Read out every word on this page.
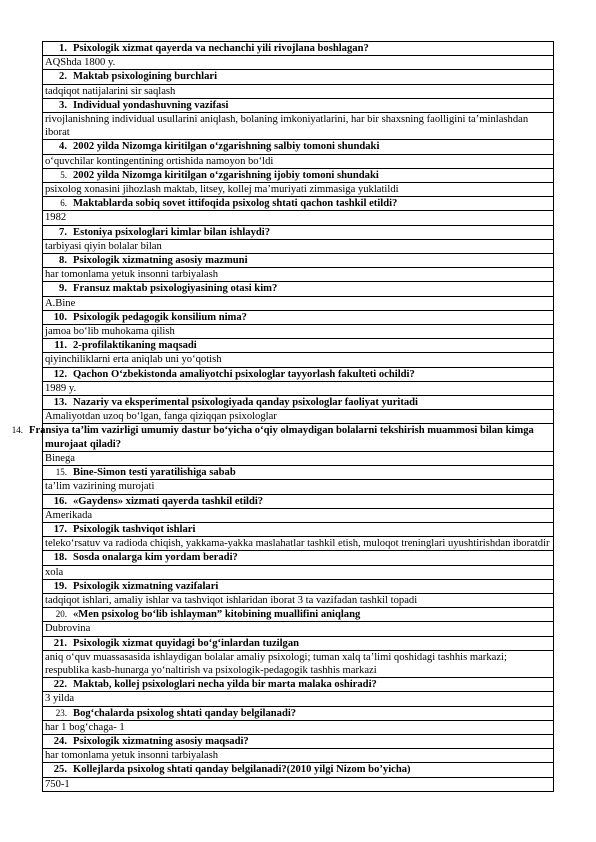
1. Psixologik xizmat qayerda va nechanchi yili rivojlana boshlagan?
AQShda 1800 y.
2. Maktab psixologining burchlari
tadqiqot natijalarini sir saqlash
3. Individual yondashuvning vazifasi
rivojlanishning individual usullarini aniqlash, bolaning imkoniyatlarini, har bir shaxsning faolligini ta’minlashdan iborat
4. 2002 yilda Nizomga kiritilgan o‘zgarishning salbiy tomoni shundaki
o‘quvchilar kontingentining ortishida namoyon bo‘ldi
5. 2002 yilda Nizomga kiritilgan o‘zgarishning ijobiy tomoni shundaki
psixolog xonasini jihozlash maktab, litsey, kollej ma’muriyati zimmasiga yuklatildi
6. Maktablarda sobiq sovet ittifoqida psixolog shtati qachon tashkil etildi?
1982
7. Estoniya psixologlari kimlar bilan ishlaydi?
tarbiyasi qiyin bolalar bilan
8. Psixologik xizmatning asosiy mazmuni
har tomonlama yetuk insonni tarbiyalash
9. Fransuz maktab psixologiyasining otasi kim?
A.Bine
10. Psixologik pedagogik konsilium nima?
jamoa bo‘lib muhokama qilish
11. 2-profilaktikaning maqsadi
qiyinchiliklarni erta aniqlab uni yo‘qotish
12. Qachon O‘zbekistonda amaliyotchi psixologlar tayyorlash fakulteti ochildi?
1989 y.
13. Nazariy va eksperimental psixologiyada qanday psixologlar faoliyat yuritadi
Amaliyotdan uzoq bo‘lgan, fanga qiziqqan psixologlar
14. Fransiya ta’lim vazirligi umumiy dastur bo‘yicha o‘qiy olmaydigan bolalarni tekshirish muammosi bilan kimga murojaat qiladi?
Binega
15. Bine-Simon testi yaratilishiga sabab
ta’lim vazirining murojati
16. «Gaydens» xizmati qayerda tashkil etildi?
Amerikada
17. Psixologik tashviqot ishlari
teleko‘rsatuv va radioda chiqish, yakkama-yakka maslahatlar tashkil etish, muloqot treninglari uyushtirishdan iboratdir
18. Sosda onalarga kim yordam beradi?
xola
19. Psixologik xizmatning vazifalari
tadqiqot ishlari, amaliy ishlar va tashviqot ishlaridan iborat 3 ta vazifadan tashkil topadi
20. «Men psixolog bo‘lib ishlayman” kitobining muallifini aniqlang
Dubrovina
21. Psixologik xizmat quyidagi bo‘g‘inlardan tuzilgan
aniq o‘quv muassasasida ishlaydigan bolalar amaliy psixologi; tuman xalq ta’limi qoshidagi tashhis markazi; respublika kasb-hunarga yo‘naltirish va psixologik-pedagogik tashhis markazi
22. Maktab, kollej psixologlari necha yilda bir marta malaka oshiradi?
3 yilda
23. Bog‘chalarda psixolog shtati qanday belgilanadi?
har 1 bog‘chaga- 1
24. Psixologik xizmatning asosiy maqsadi?
har tomonlama yetuk insonni tarbiyalash
25. Kollejlarda psixolog shtati qanday belgilanadi?(2010 yilgi Nizom bo’yicha)
750-1
